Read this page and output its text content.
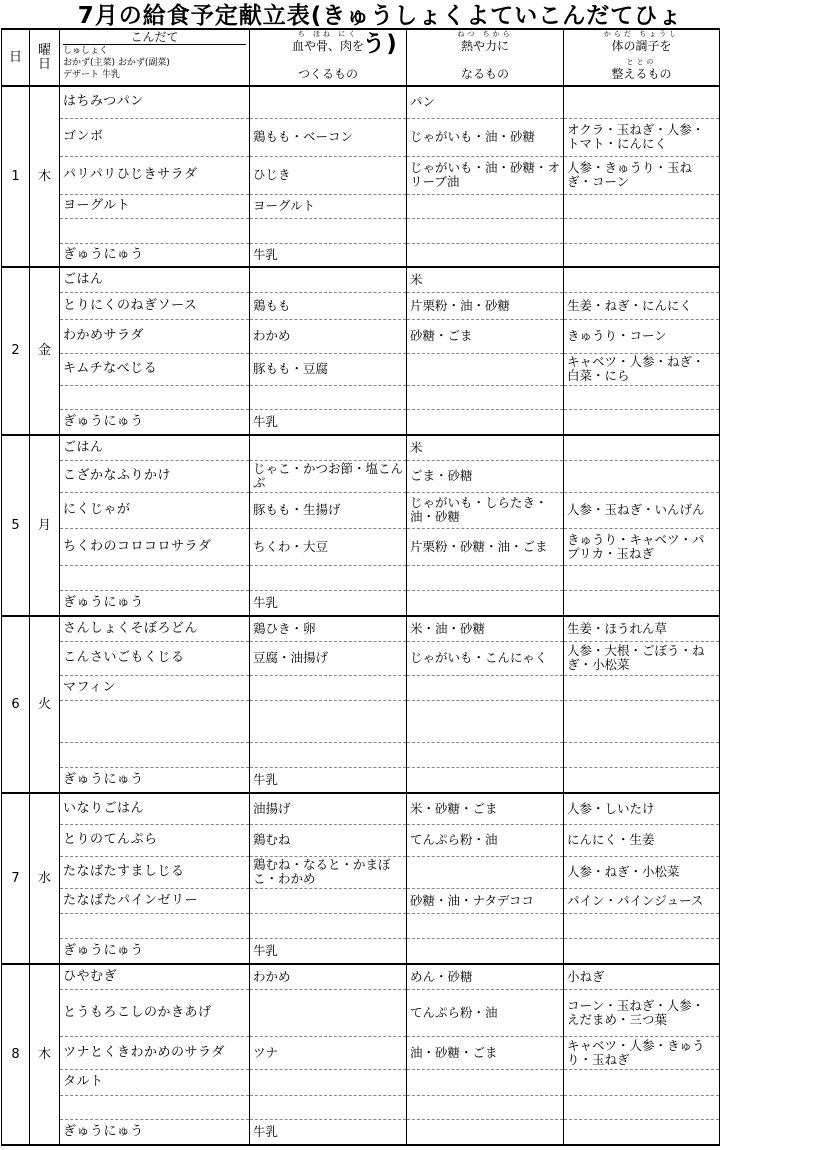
7月の給食予定献立表(きゅうしょくよていこんだてひょう)
日	曜日	こんだて
しゅしょく
おかず(主菜) おかず(副菜)
デザート 牛乳	ち ほね にく
血や骨、肉を
つくるもの	ねつ ちから
熱や力に
なるもの	からだ ちょうし
体の調子を
ととの
整えるもの

1	木	はちみつパン		パン	
		ゴンボ	鶏もも・ベーコン	じゃがいも・油・砂糖	オクラ・玉ねぎ・人参・トマト・にんにく
		パリパリひじきサラダ	ひじき	じゃがいも・油・砂糖・オリーブ油	人参・きゅうり・玉ねぎ・コーン
		ヨーグルト	ヨーグルト		

		ぎゅうにゅう	牛乳		
2	金	ごはん		米	
		とりにくのねぎソース	鶏もも	片栗粉・油・砂糖	生姜・ねぎ・にんにく
		わかめサラダ	わかめ	砂糖・ごま	きゅうり・コーン
		キムチなべじる	豚もも・豆腐		キャベツ・人参・ねぎ・白菜・にら

		ぎゅうにゅう	牛乳		
5	月	ごはん		米	
		こざかなふりかけ	じゃこ・かつお節・塩こんぶ	ごま・砂糖	
		にくじゃが	豚もも・生揚げ	じゃがいも・しらたき・油・砂糖	人参・玉ねぎ・いんげん
		ちくわのコロコロサラダ	ちくわ・大豆	片栗粉・砂糖・油・ごま	きゅうり・キャベツ・パプリカ・玉ねぎ

		ぎゅうにゅう	牛乳		
6	火	さんしょくそぼろどん	鶏ひき・卵	米・油・砂糖	生姜・ほうれん草
		こんさいごもくじる	豆腐・油揚げ	じゃがいも・こんにゃく	人参・大根・ごぼう・ねぎ・小松菜
		マフィン			

		ぎゅうにゅう	牛乳		
7	水	いなりごはん	油揚げ	米・砂糖・ごま	人参・しいたけ
		とりのてんぷら	鶏むね	てんぷら粉・油	にんにく・生姜
		たなばたすましじる	鶏むね・なると・かまぼこ・わかめ		人参・ねぎ・小松菜
		たなばたパインゼリー		砂糖・油・ナタデココ	パイン・パインジュース

		ぎゅうにゅう	牛乳		
8	木	ひやむぎ	わかめ	めん・砂糖	小ねぎ
		とうもろこしのかきあげ		てんぷら粉・油	コーン・玉ねぎ・人参・えだまめ・三つ葉
		ツナとくきわかめのサラダ	ツナ	油・砂糖・ごま	キャベツ・人参・きゅうり・玉ねぎ
		タルト			

		ぎゅうにゅう	牛乳		
